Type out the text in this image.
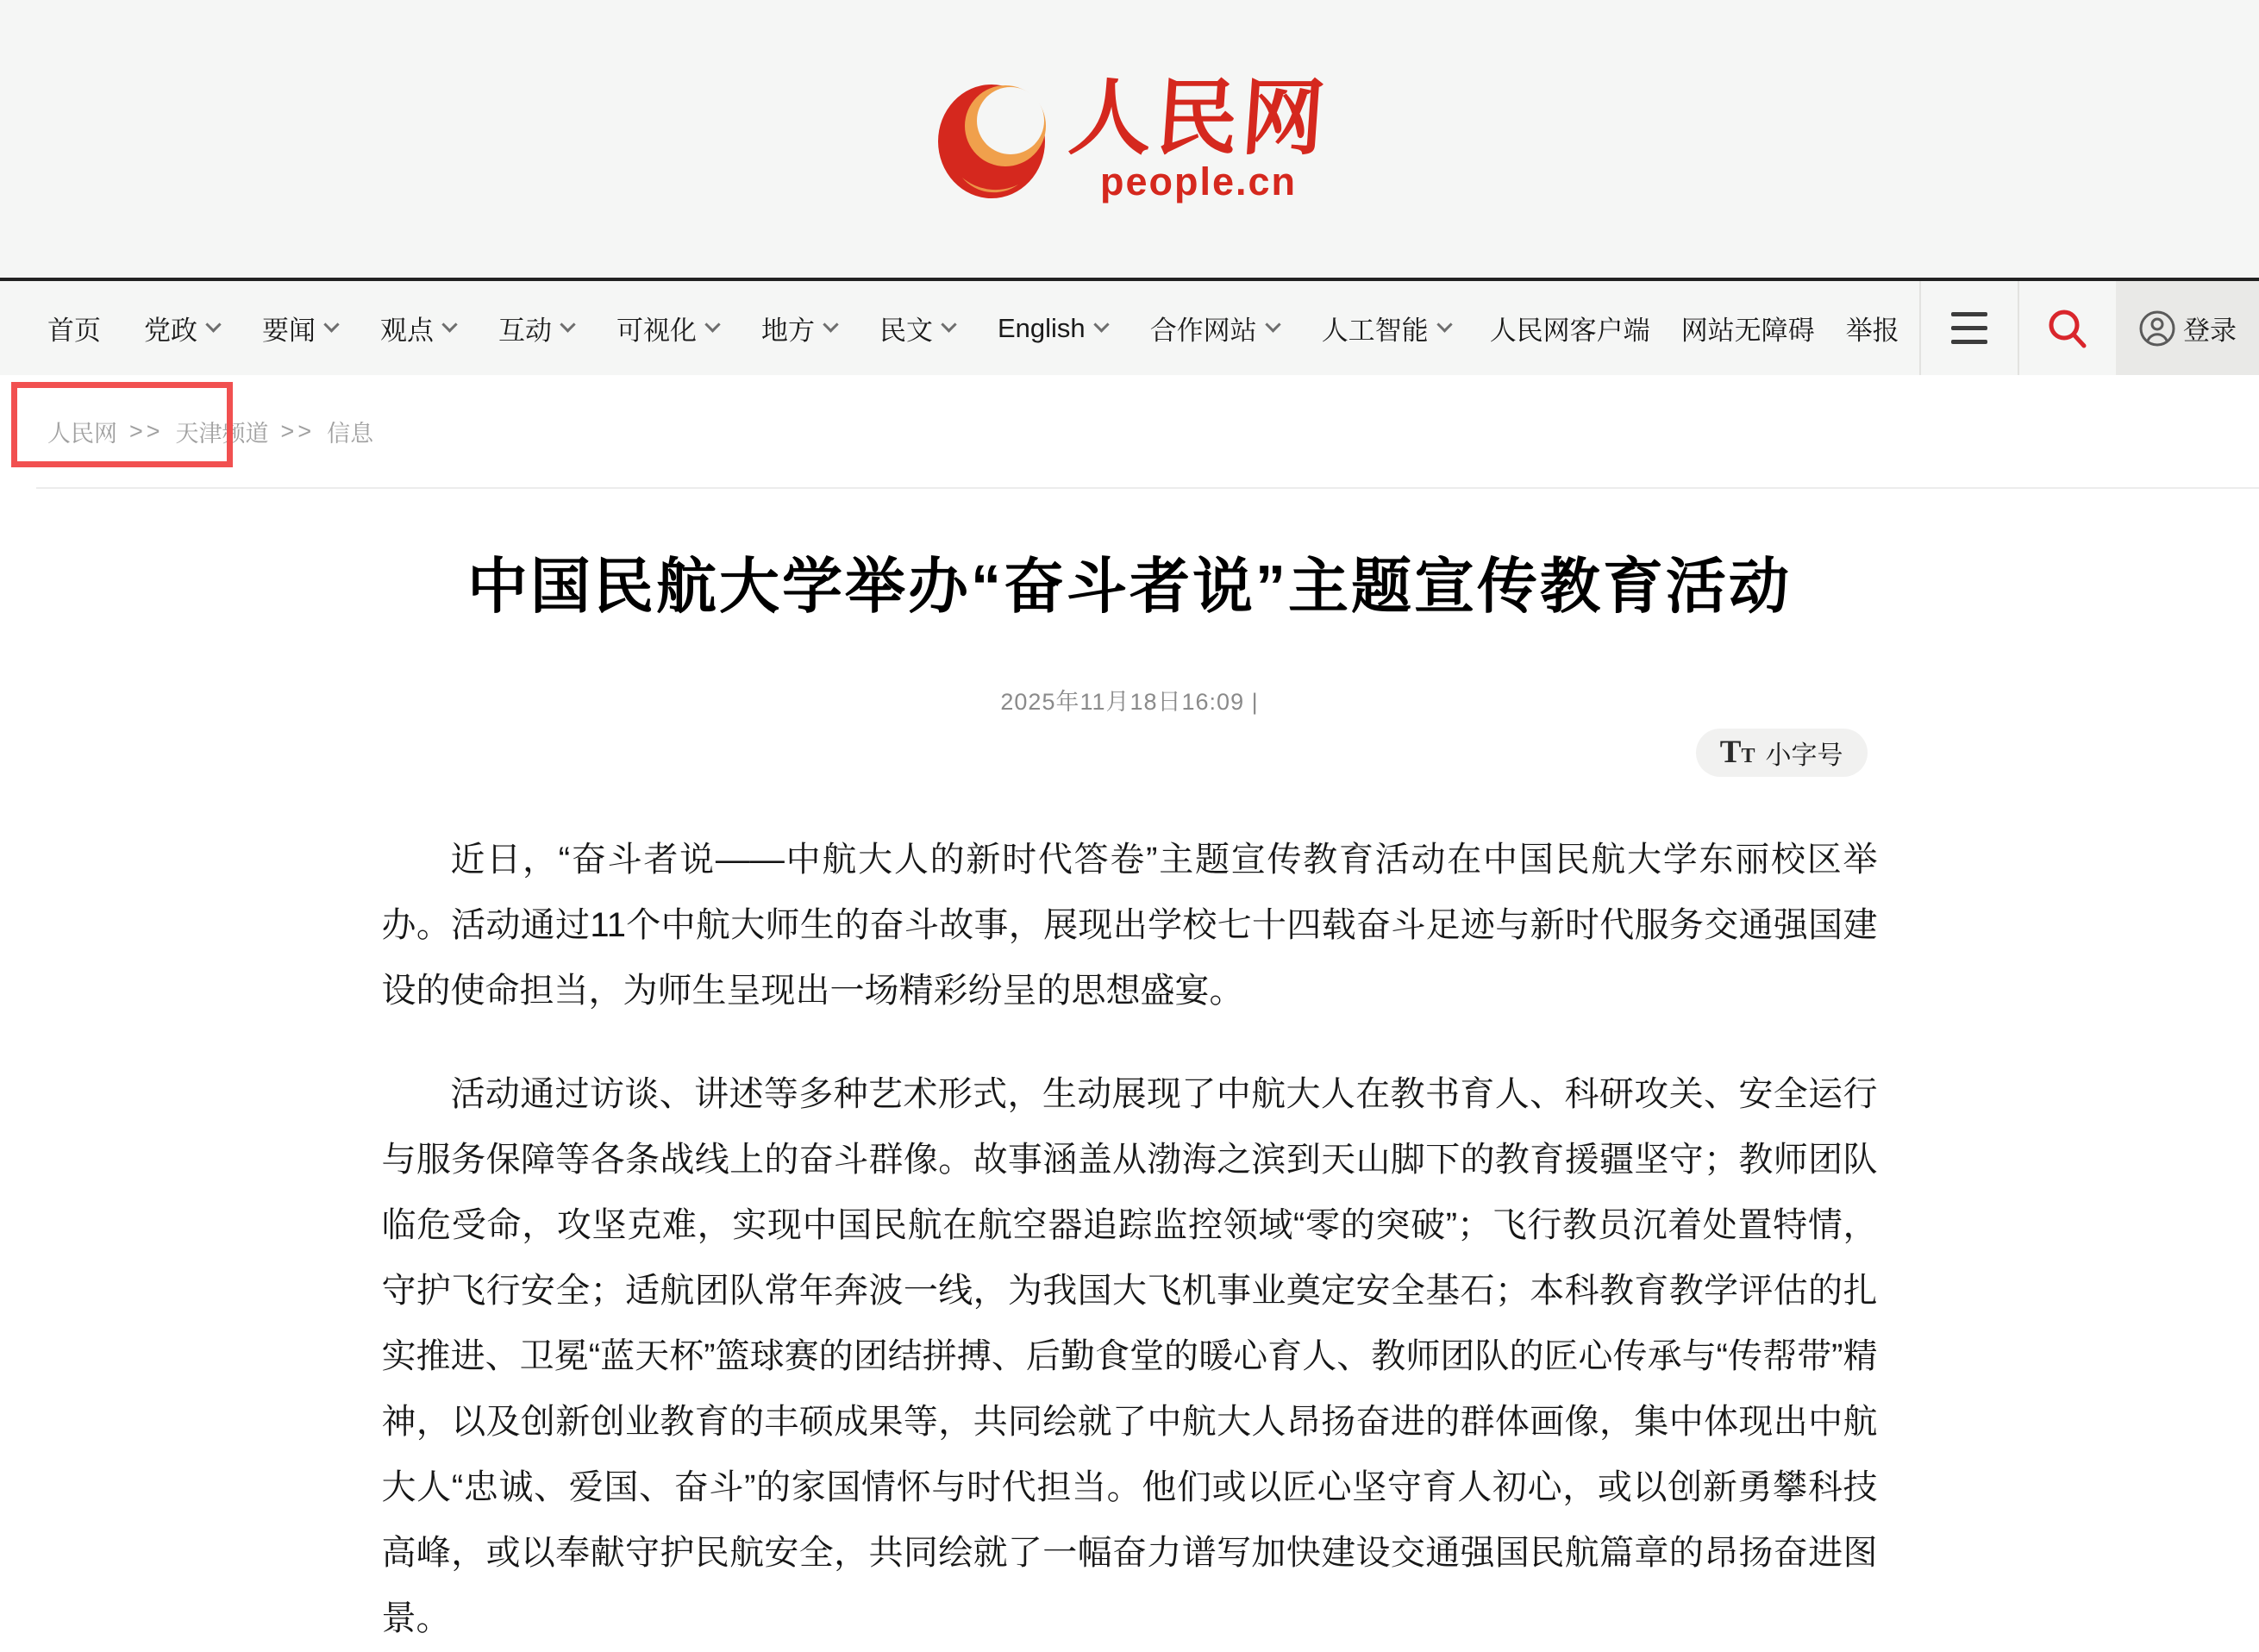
人民网
people.cn
首页 党政 要闻 观点 互动 可视化 地方 民文 English 合作网站 人工智能 人民网客户端 网站无障碍 举报	登录
人民网 >> 天津频道 >> 信息
中国民航大学举办“奋斗者说”主题宣传教育活动
2025年11月18日16:09 |
TT 小字号

近日，“奋斗者说——中航大人的新时代答卷”主题宣传教育活动在中国民航大学东丽校区举办。活动通过11个中航大师生的奋斗故事，展现出学校七十四载奋斗足迹与新时代服务交通强国建设的使命担当，为师生呈现出一场精彩纷呈的思想盛宴。

活动通过访谈、讲述等多种艺术形式，生动展现了中航大人在教书育人、科研攻关、安全运行与服务保障等各条战线上的奋斗群像。故事涵盖从渤海之滨到天山脚下的教育援疆坚守；教师团队临危受命，攻坚克难，实现中国民航在航空器追踪监控领域“零的突破”；飞行教员沉着处置特情，守护飞行安全；适航团队常年奔波一线，为我国大飞机事业奠定安全基石；本科教育教学评估的扎实推进、卫冕“蓝天杯”篮球赛的团结拼搏、后勤食堂的暖心育人、教师团队的匠心传承与“传帮带”精神，以及创新创业教育的丰硕成果等，共同绘就了中航大人昂扬奋进的群体画像，集中体现出中航大人“忠诚、爱国、奋斗”的家国情怀与时代担当。他们或以匠心坚守育人初心，或以创新勇攀科技高峰，或以奉献守护民航安全，共同绘就了一幅奋力谱写加快建设交通强国民航篇章的昂扬奋进图景。
